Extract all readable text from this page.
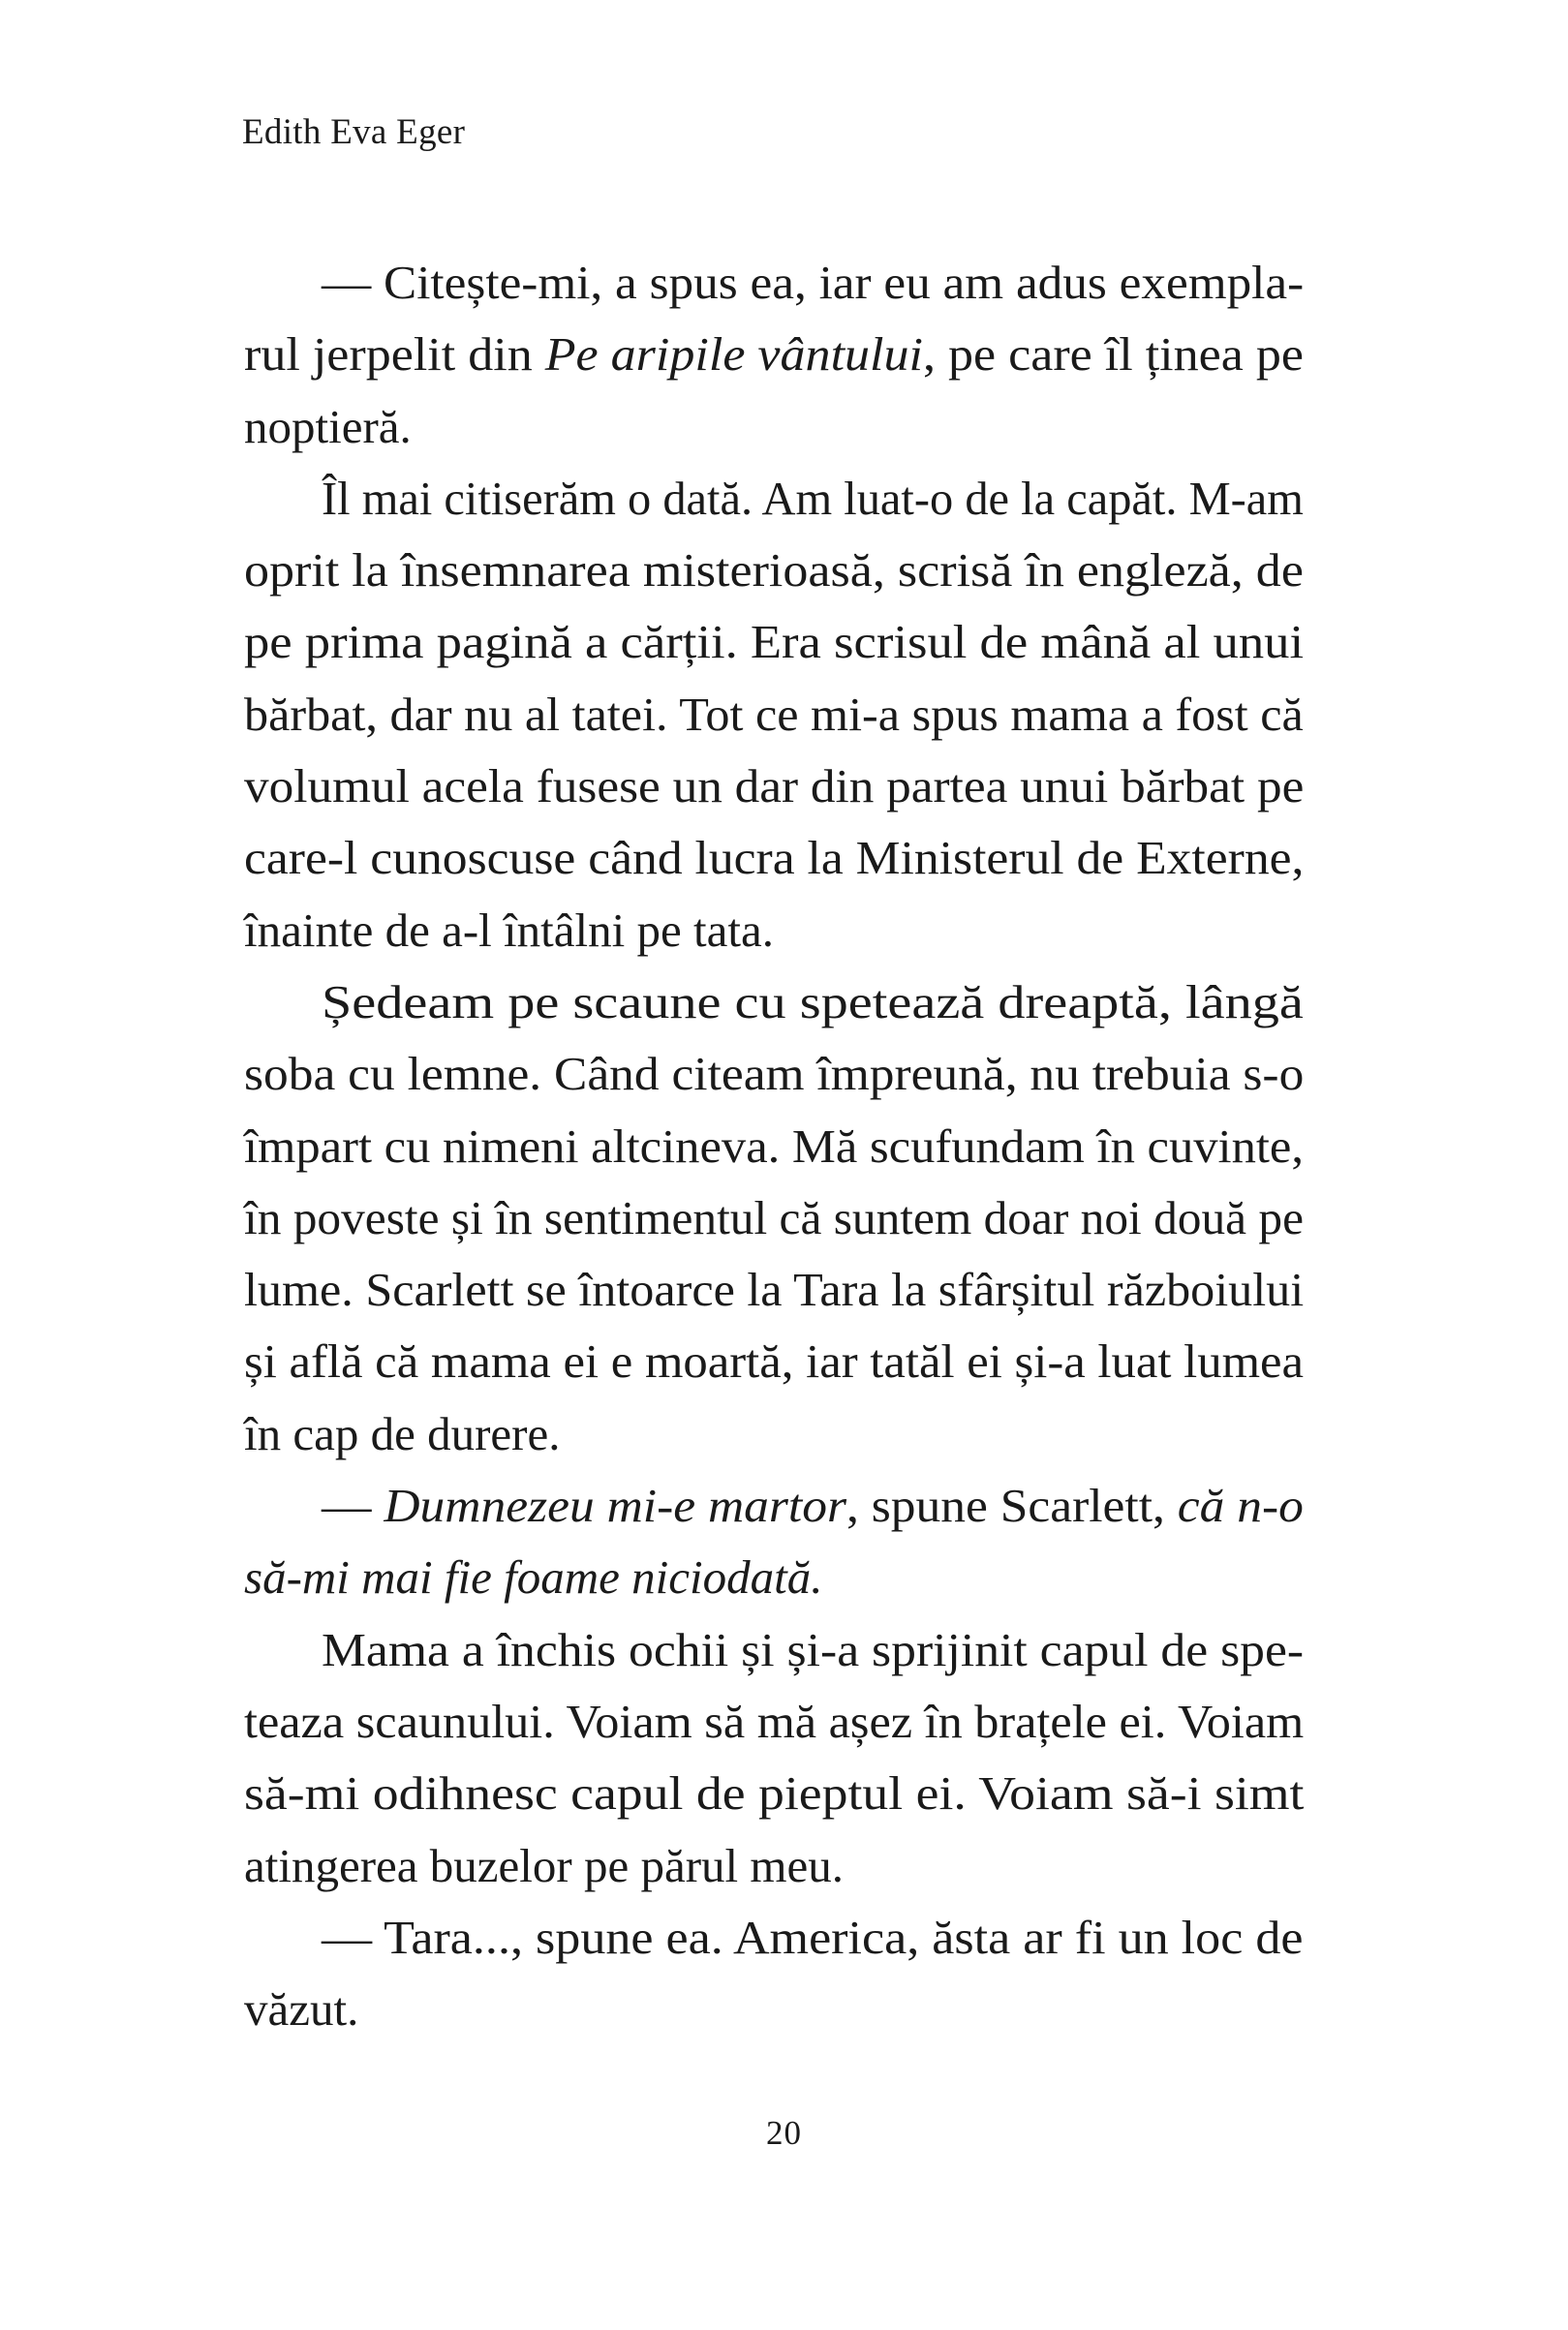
Edith Eva Eger
— Citește-mi, a spus ea, iar eu am adus exempla-
rul jerpelit din Pe aripile vântului, pe care îl ținea pe
noptieră.
Îl mai citiserăm o dată. Am luat-o de la capăt. M-am
oprit la însemnarea misterioasă, scrisă în engleză, de
pe prima pagină a cărții. Era scrisul de mână al unui
bărbat, dar nu al tatei. Tot ce mi-a spus mama a fost că
volumul acela fusese un dar din partea unui bărbat pe
care-l cunoscuse când lucra la Ministerul de Externe,
înainte de a-l întâlni pe tata.
Ședeam pe scaune cu spetează dreaptă, lângă
soba cu lemne. Când citeam împreună, nu trebuia s-o
împart cu nimeni altcineva. Mă scufundam în cuvinte,
în poveste și în sentimentul că suntem doar noi două pe
lume. Scarlett se întoarce la Tara la sfârșitul războiului
și află că mama ei e moartă, iar tatăl ei și-a luat lumea
în cap de durere.
— Dumnezeu mi-e martor, spune Scarlett, că n-o
să-mi mai fie foame niciodată.
Mama a închis ochii și și-a sprijinit capul de spe-
teaza scaunului. Voiam să mă așez în brațele ei. Voiam
să-mi odihnesc capul de pieptul ei. Voiam să-i simt
atingerea buzelor pe părul meu.
— Tara..., spune ea. America, ăsta ar fi un loc de
văzut.
20
